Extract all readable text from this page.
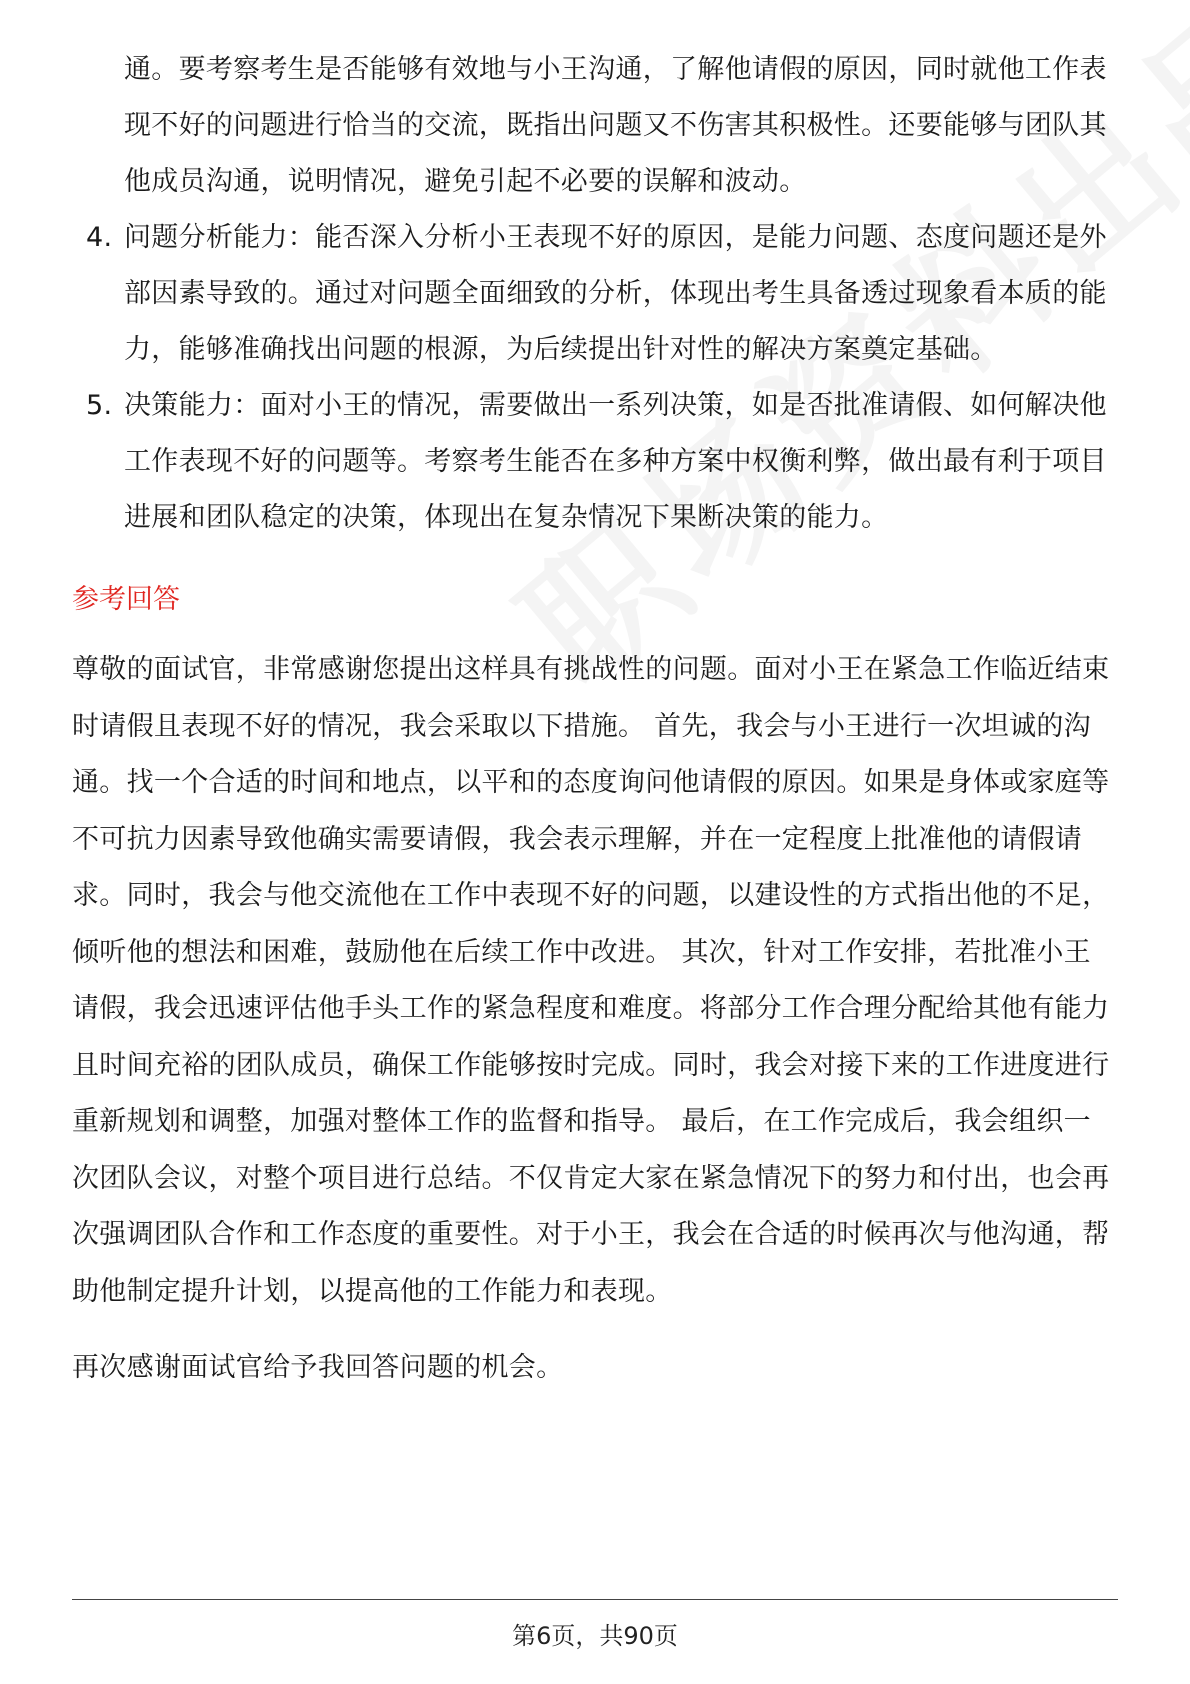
通。要考察考生是否能够有效地与小王沟通，了解他请假的原因，同时就他工作表现不好的问题进行恰当的交流，既指出问题又不伤害其积极性。还要能够与团队其他成员沟通，说明情况，避免引起不必要的误解和波动。

4. 问题分析能力：能否深入分析小王表现不好的原因，是能力问题、态度问题还是外部因素导致的。通过对问题全面细致的分析，体现出考生具备透过现象看本质的能力，能够准确找出问题的根源，为后续提出针对性的解决方案奠定基础。
5. 决策能力：面对小王的情况，需要做出一系列决策，如是否批准请假、如何解决他工作表现不好的问题等。考察考生能否在多种方案中权衡利弊，做出最有利于项目进展和团队稳定的决策，体现出在复杂情况下果断决策的能力。
参考回答

尊敬的面试官，非常感谢您提出这样具有挑战性的问题。面对小王在紧急工作临近结束时请假且表现不好的情况，我会采取以下措施。 首先，我会与小王进行一次坦诚的沟通。找一个合适的时间和地点，以平和的态度询问他请假的原因。如果是身体或家庭等不可抗力因素导致他确实需要请假，我会表示理解，并在一定程度上批准他的请假请求。同时，我会与他交流他在工作中表现不好的问题，以建设性的方式指出他的不足，倾听他的想法和困难，鼓励他在后续工作中改进。 其次，针对工作安排，若批准小王请假，我会迅速评估他手头工作的紧急程度和难度。将部分工作合理分配给其他有能力且时间充裕的团队成员，确保工作能够按时完成。同时，我会对接下来的工作进度进行重新规划和调整，加强对整体工作的监督和指导。 最后，在工作完成后，我会组织一次团队会议，对整个项目进行总结。不仅肯定大家在紧急情况下的努力和付出，也会再次强调团队合作和工作态度的重要性。对于小王，我会在合适的时候再次与他沟通，帮助他制定提升计划，以提高他的工作能力和表现。

再次感谢面试官给予我回答问题的机会。

第6页，共90页
